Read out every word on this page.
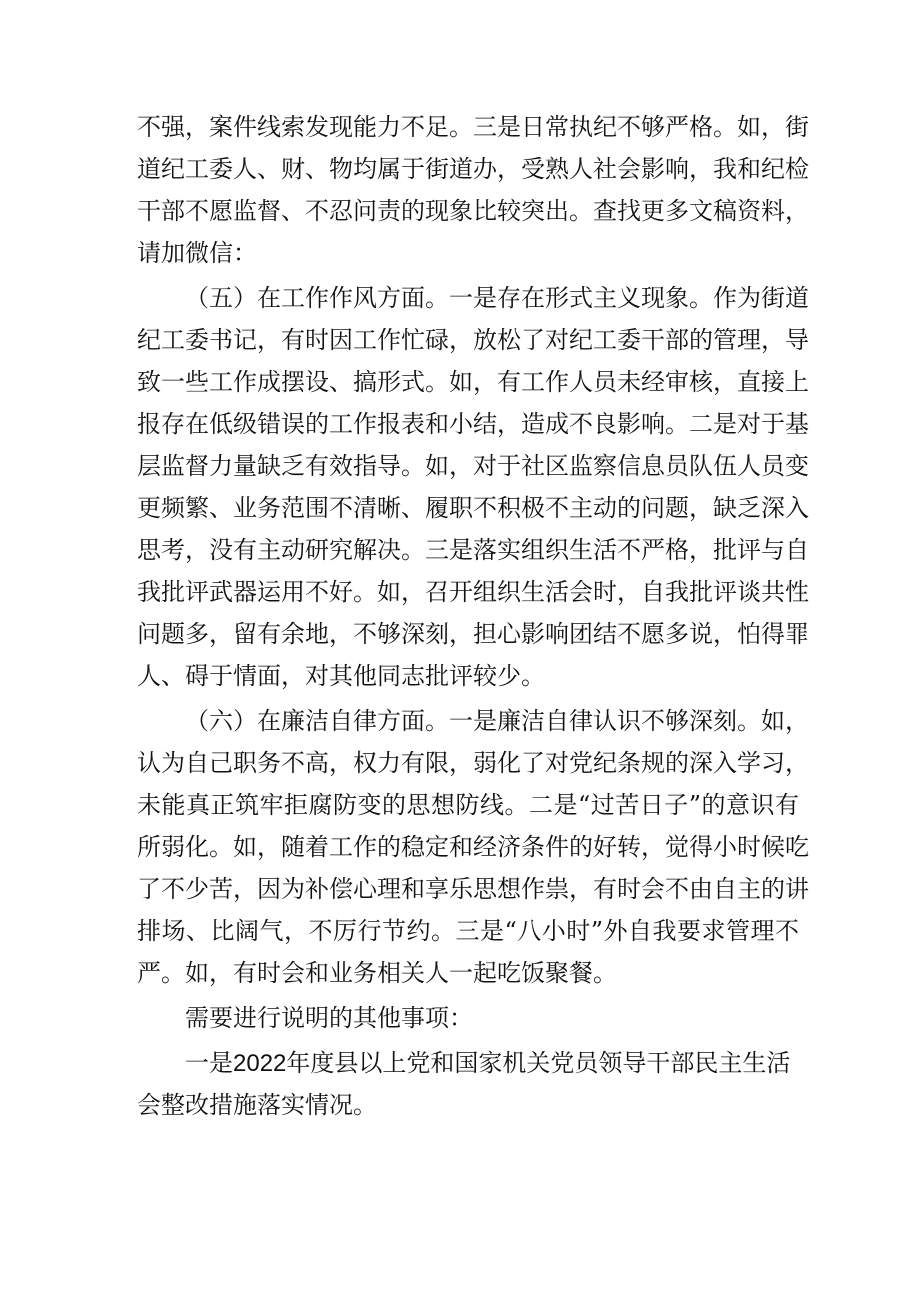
不强，案件线索发现能力不足。三是日常执纪不够严格。如，街
道纪工委人、财、物均属于街道办，受熟人社会影响，我和纪检
干部不愿监督、不忍问责的现象比较突出。查找更多文稿资料，
请加微信：
（五）在工作作风方面。一是存在形式主义现象。作为街道
纪工委书记，有时因工作忙碌，放松了对纪工委干部的管理，导
致一些工作成摆设、搞形式。如，有工作人员未经审核，直接上
报存在低级错误的工作报表和小结，造成不良影响。二是对于基
层监督力量缺乏有效指导。如，对于社区监察信息员队伍人员变
更频繁、业务范围不清晰、履职不积极不主动的问题，缺乏深入
思考，没有主动研究解决。三是落实组织生活不严格，批评与自
我批评武器运用不好。如，召开组织生活会时，自我批评谈共性
问题多，留有余地，不够深刻，担心影响团结不愿多说，怕得罪
人、碍于情面，对其他同志批评较少。
（六）在廉洁自律方面。一是廉洁自律认识不够深刻。如，
认为自己职务不高，权力有限，弱化了对党纪条规的深入学习，
未能真正筑牢拒腐防变的思想防线。二是“过苦日子”的意识有
所弱化。如，随着工作的稳定和经济条件的好转，觉得小时候吃
了不少苦，因为补偿心理和享乐思想作祟，有时会不由自主的讲
排场、比阔气，不厉行节约。三是“八小时”外自我要求管理不
严。如，有时会和业务相关人一起吃饭聚餐。
需要进行说明的其他事项：
一是2022年度县以上党和国家机关党员领导干部民主生活
会整改措施落实情况。
